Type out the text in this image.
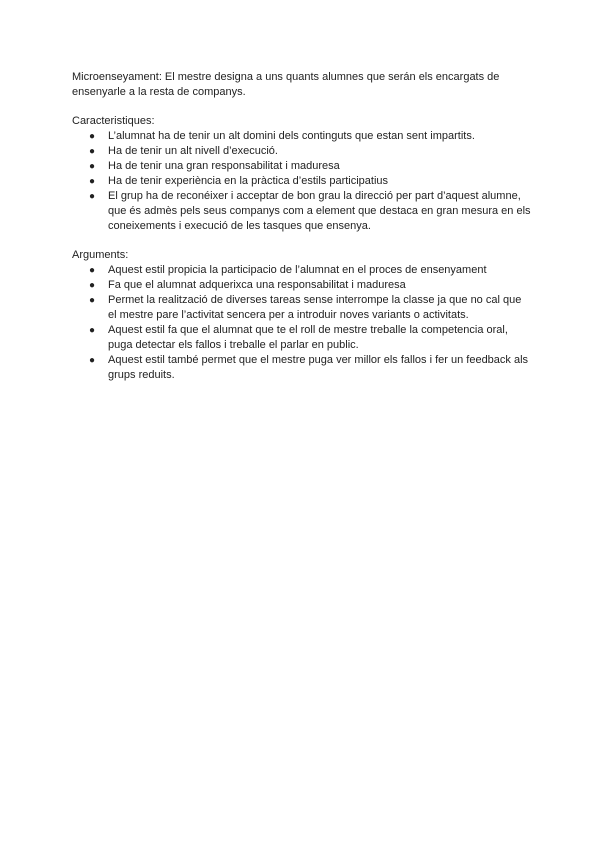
Microenseyament: El mestre designa a uns quants alumnes que serán els encargats de ensenyarle a la resta de companys.

Caracteristiques:

● L’alumnat ha de tenir un alt domini dels continguts que estan sent impartits.
● Ha de tenir un alt nivell d’execució.
● Ha de tenir una gran responsabilitat i maduresa
● Ha de tenir experiència en la pràctica d’estils participatius
● El grup ha de reconéixer i acceptar de bon grau la direcció per part d’aquest alumne, que és admès pels seus companys com a element que destaca en gran mesura en els coneixements i execució de les tasques que ensenya.

Arguments:

● Aquest estil propicia la participacio de l’alumnat en el proces de ensenyament
● Fa que el alumnat adquerixca una responsabilitat i maduresa
● Permet la realització de diverses tareas sense interrompe la classe ja que no cal que el mestre pare l’activitat sencera per a introduir noves variants o activitats.
● Aquest estil fa que el alumnat que te el roll de mestre treballe la competencia oral, puga detectar els fallos i treballe el parlar en public.
● Aquest estil també permet que el mestre puga ver millor els fallos i fer un feedback als grups reduits.
